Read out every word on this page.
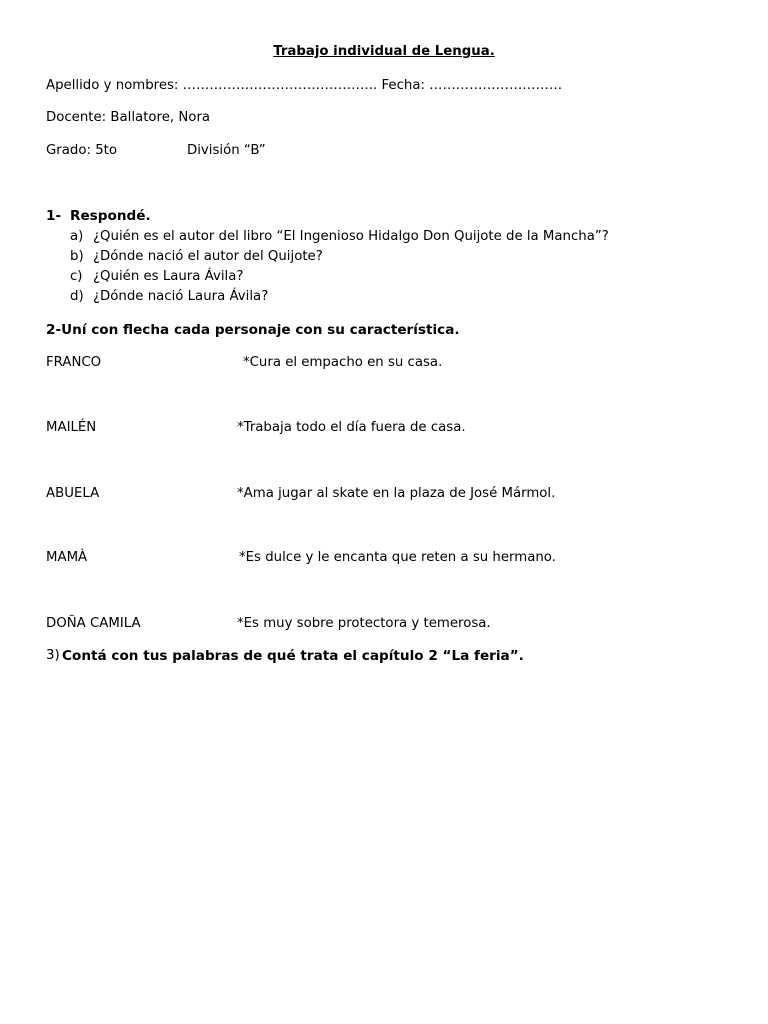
Trabajo individual de Lengua.
Apellido y nombres: …………………………………….. Fecha: …………………………
Docente: Ballatore, Nora
Grado: 5to	División “B”
1- Respondé.
a) ¿Quién es el autor del libro “El Ingenioso Hidalgo Don Quijote de la Mancha”?
b) ¿Dónde nació el autor del Quijote?
c) ¿Quién es Laura Ávila?
d) ¿Dónde nació Laura Ávila?
2-Uní con flecha cada personaje con su característica.
FRANCO	*Cura el empacho en su casa.
MAILÉN	*Trabaja todo el día fuera de casa.
ABUELA	*Ama jugar al skate en la plaza de José Mármol.
MAMÀ	*Es dulce y le encanta que reten a su hermano.
DOÑA CAMILA	*Es muy sobre protectora y temerosa.
3) Contá con tus palabras de qué trata el capítulo 2 “La feria”.
